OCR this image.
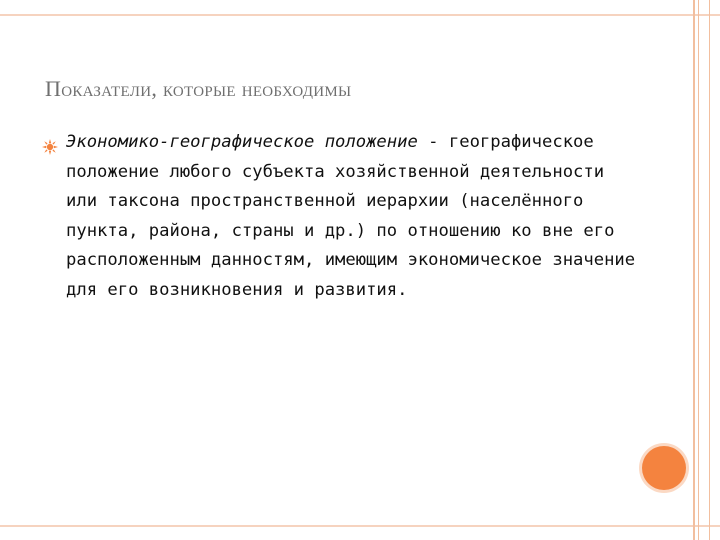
Показатели, которые необходимы
Экономико-географическое положение - географическое положение любого субъекта хозяйственной деятельности или таксона пространственной иерархии (населённого пункта, района, страны и др.) по отношению ко вне его расположенным данностям, имеющим экономическое значение для его возникновения и развития.
